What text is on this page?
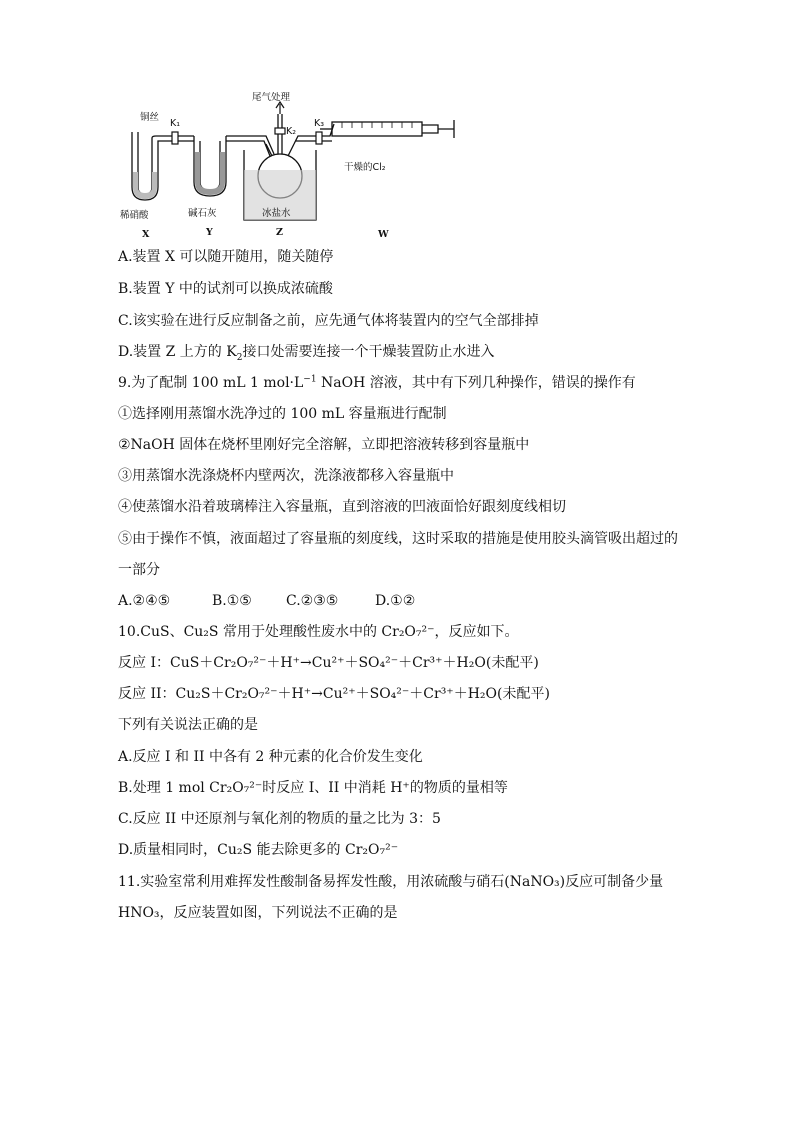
尾气处理
铜丝
K₁
K₂
K₃
干燥的Cl₂
稀硝酸	碱石灰	冰盐水
X	Y	Z	W
A.装置 X 可以随开随用，随关随停
B.装置 Y 中的试剂可以换成浓硫酸
C.该实验在进行反应制备之前，应先通气体将装置内的空气全部排掉
D.装置 Z 上方的 $K_2$接口处需要连接一个干燥装置防止水进入
9.为了配制 100 mL 1 $mol\cdot L^{-1}$ NaOH 溶液，其中有下列几种操作，错误的操作有
①选择刚用蒸馏水洗净过的 100 mL 容量瓶进行配制
②NaOH 固体在烧杯里刚好完全溶解，立即把溶液转移到容量瓶中
③用蒸馏水洗涤烧杯内壁两次，洗涤液都移入容量瓶中
④使蒸馏水沿着玻璃棒注入容量瓶，直到溶液的凹液面恰好跟刻度线相切
⑤由于操作不慎，液面超过了容量瓶的刻度线，这时采取的措施是使用胶头滴管吸出超过的
一部分
A.②④⑤	B.①⑤ C.②③⑤	D.①②
10.CuS、Cu₂S 常用于处理酸性废水中的 Cr₂O₇²⁻，反应如下。
反应 I：CuS＋Cr₂O₇²⁻＋H⁺→Cu²⁺＋SO₄²⁻＋Cr³⁺＋H₂O(未配平)
反应 II：Cu₂S＋Cr₂O₇²⁻＋H⁺→Cu²⁺＋SO₄²⁻＋Cr³⁺＋H₂O(未配平)
下列有关说法正确的是
A.反应 I 和 II 中各有 2 种元素的化合价发生变化
B.处理 1 mol Cr₂O₇²⁻时反应 I、II 中消耗 H⁺的物质的量相等
C.反应 II 中还原剂与氧化剂的物质的量之比为 3：5
D.质量相同时，Cu₂S 能去除更多的 Cr₂O₇²⁻
11.实验室常利用难挥发性酸制备易挥发性酸，用浓硫酸与硝石(NaNO₃)反应可制备少量
HNO₃，反应装置如图，下列说法不正确的是
